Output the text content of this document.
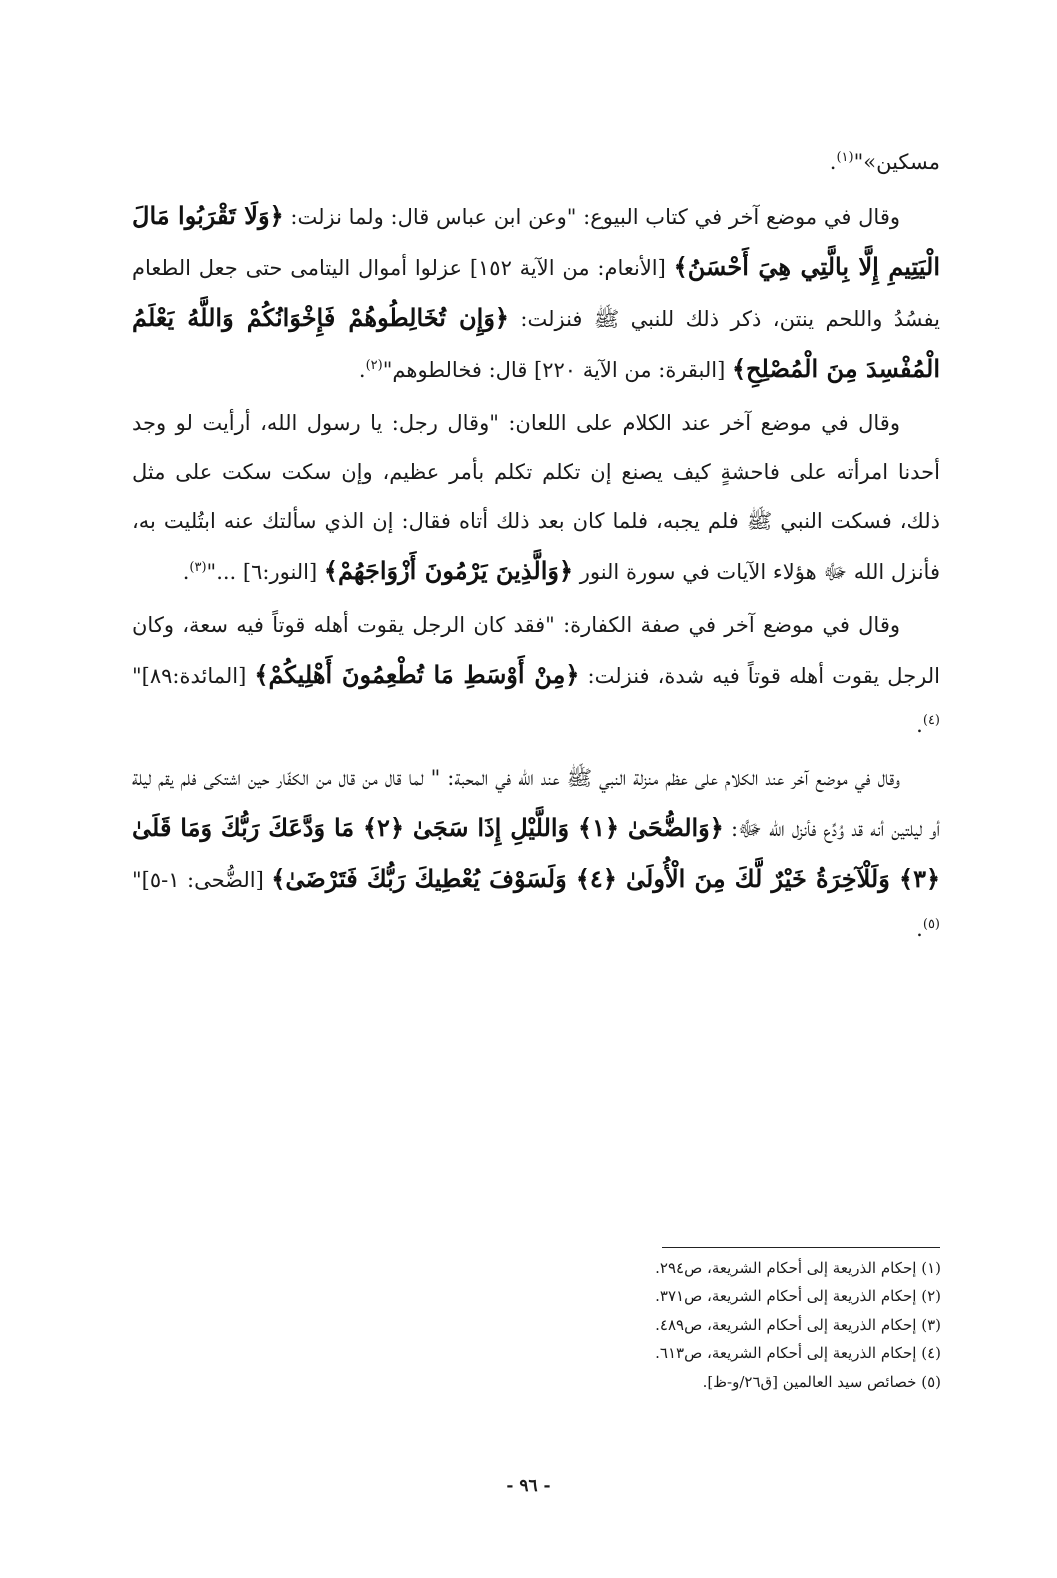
مسكين»"$^{(١)}$.

وقال في موضع آخر في كتاب البيوع: "وعن ابن عباس قال: ولما نزلت: ﴿وَلَا تَقْرَبُوا مَالَ الْيَتِيمِ إِلَّا بِالَّتِي هِيَ أَحْسَنُ﴾ [الأنعام: من الآية ١٥٢] عزلوا أموال اليتامى حتى جعل الطعام يفسُدُ واللحم ينتن، ذكر ذلك للنبي ﷺ فنزلت: ﴿وَإِن تُخَالِطُوهُمْ فَإِخْوَانُكُمْ وَاللَّهُ يَعْلَمُ الْمُفْسِدَ مِنَ الْمُصْلِحِ﴾ [البقرة: من الآية ٢٢٠] قال: فخالطوهم"$^{(٢)}$.

وقال في موضع آخر عند الكلام على اللعان: "وقال رجل: يا رسول الله، أرأيت لو وجد أحدنا امرأته على فاحشةٍ كيف يصنع إن تكلم تكلم بأمر عظيم، وإن سكت سكت على مثل ذلك، فسكت النبي ﷺ فلم يجبه، فلما كان بعد ذلك أتاه فقال: إن الذي سألتك عنه ابتُليت به، فأنزل الله ﷻ هؤلاء الآيات في سورة النور ﴿وَالَّذِينَ يَرْمُونَ أَزْوَاجَهُمْ﴾ [النور:٦] ..."$^{(٣)}$.

وقال في موضع آخر في صفة الكفارة: "فقد كان الرجل يقوت أهله قوتاً فيه سعة، وكان الرجل يقوت أهله قوتاً فيه شدة، فنزلت: ﴿مِنْ أَوْسَطِ مَا تُطْعِمُونَ أَهْلِيكُمْ﴾ [المائدة:٨٩]"$^{(٤)}$.

وقال في موضع آخر عند الكلام على عظم منزلة النبي ﷺ عند الله في المحبة: " لما قال من قال من الكفّار حين اشتكى فلم يقم ليلة أو ليلتين أنه قد وُدِّع فأنزل الله ﷻ: ﴿وَالضُّحَىٰ ﴿١﴾ وَاللَّيْلِ إِذَا سَجَىٰ ﴿٢﴾ مَا وَدَّعَكَ رَبُّكَ وَمَا قَلَىٰ ﴿٣﴾ وَلَلْآخِرَةُ خَيْرٌ لَّكَ مِنَ الْأُولَىٰ ﴿٤﴾ وَلَسَوْفَ يُعْطِيكَ رَبُّكَ فَتَرْضَىٰ﴾ [الضُّحى: ١-٥]"$^{(٥)}$.

(١) إحكام الذريعة إلى أحكام الشريعة، ص٢٩٤.

(٢) إحكام الذريعة إلى أحكام الشريعة، ص٣٧١.

(٣) إحكام الذريعة إلى أحكام الشريعة، ص٤٨٩.

(٤) إحكام الذريعة إلى أحكام الشريعة، ص٦١٣.

(٥) خصائص سيد العالمين [ق٢٦/و-ظ].

- ٩٦ -
